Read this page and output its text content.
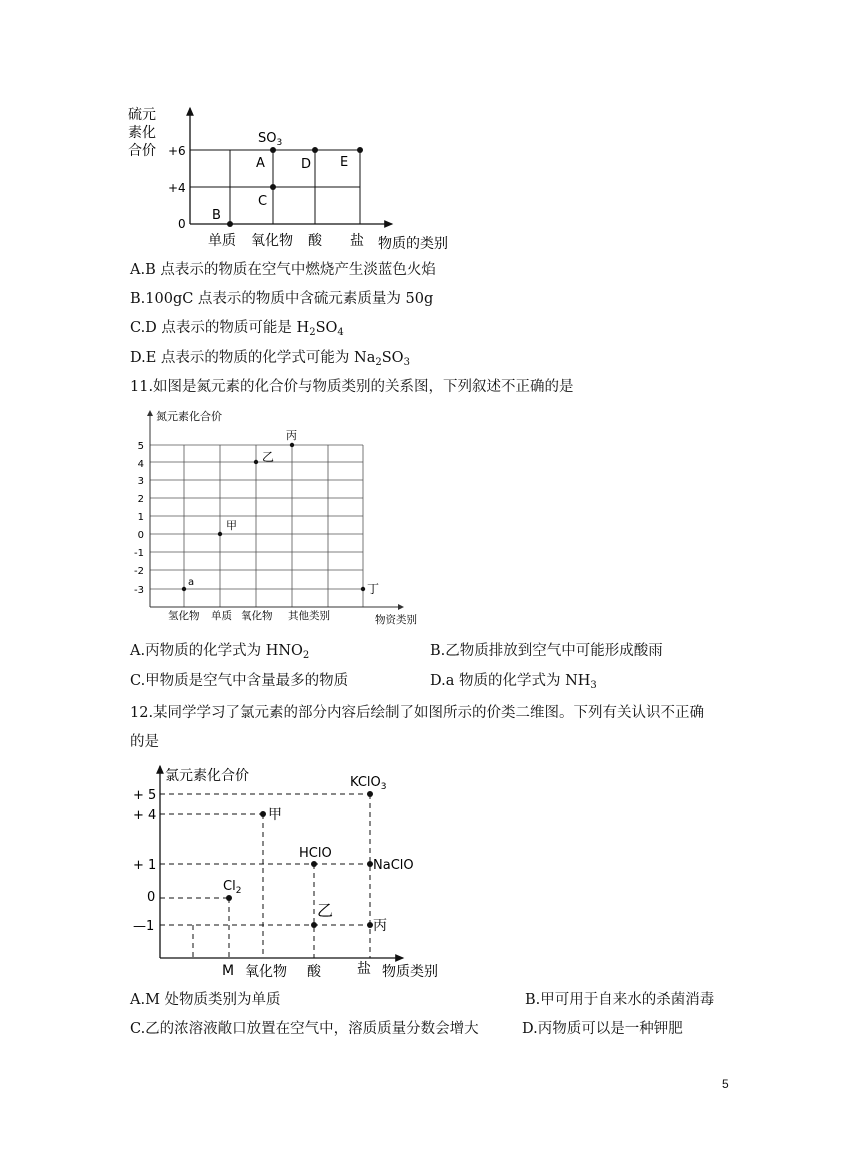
硫元
素化
合价 +6
+4
0
$SO_3$
A
B
C
D E
单质 氧化物 酸 盐 物质的类别
A.B 点表示的物质在空气中燃烧产生淡蓝色火焰
B.100gC 点表示的物质中含硫元素质量为 50g
C.D 点表示的物质可能是 $H_2SO_4$
D.E 点表示的物质的化学式可能为 $Na_2SO_3$
11.如图是氮元素的化合价与物质类别的关系图，下列叙述不正确的是
氮元素化合价
5
4
3
2
1
0
-1
-2
-3
丙
乙
甲
a	丁
氢化物 单质 氧化物 其他类别	物资类别
A.丙物质的化学式为 $HNO_2$	B.乙物质排放到空气中可能形成酸雨
C.甲物质是空气中含量最多的物质	D.a 物质的化学式为 $NH_3$
12.某同学学习了氯元素的部分内容后绘制了如图所示的价类二维图。下列有关认识不正确
的是
氯元素化合价
+ 5
+ 4
+ 1
0
—1
KClO$_3$
甲
HClO
NaClO
$Cl_2$
乙
丙
M 氧化物 酸	盐 物质类别
A.M 处物质类别为单质	B.甲可用于自来水的杀菌消毒
C.乙的浓溶液敞口放置在空气中，溶质质量分数会增大	D.丙物质可以是一种钾肥
5
